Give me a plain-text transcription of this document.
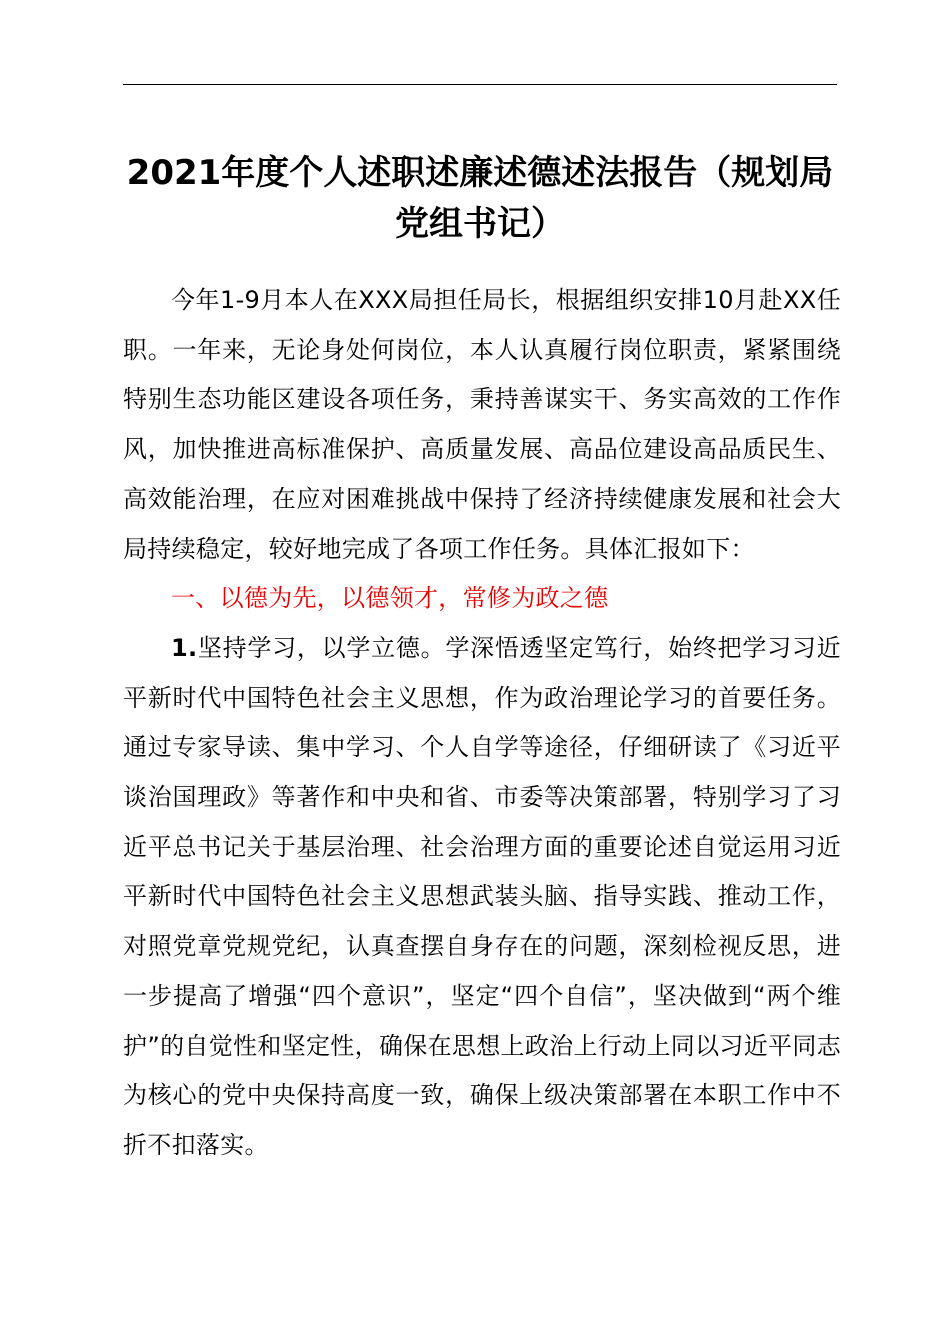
2021年度个人述职述廉述德述法报告（规划局党组书记）

今年1-9月本人在XXX局担任局长，根据组织安排10月赴XX任职。一年来，无论身处何岗位，本人认真履行岗位职责，紧紧围绕特别生态功能区建设各项任务，秉持善谋实干、务实高效的工作作风，加快推进高标准保护、高质量发展、高品位建设高品质民生、高效能治理，在应对困难挑战中保持了经济持续健康发展和社会大局持续稳定，较好地完成了各项工作任务。具体汇报如下：

一、以德为先，以德领才，常修为政之德

1.坚持学习，以学立德。学深悟透坚定笃行，始终把学习习近平新时代中国特色社会主义思想，作为政治理论学习的首要任务。通过专家导读、集中学习、个人自学等途径，仔细研读了《习近平谈治国理政》等著作和中央和省、市委等决策部署，特别学习了习近平总书记关于基层治理、社会治理方面的重要论述自觉运用习近平新时代中国特色社会主义思想武装头脑、指导实践、推动工作，对照党章党规党纪，认真查摆自身存在的问题，深刻检视反思，进一步提高了增强“四个意识”，坚定“四个自信”，坚决做到“两个维护”的自觉性和坚定性，确保在思想上政治上行动上同以习近平同志为核心的党中央保持高度一致，确保上级决策部署在本职工作中不折不扣落实。
